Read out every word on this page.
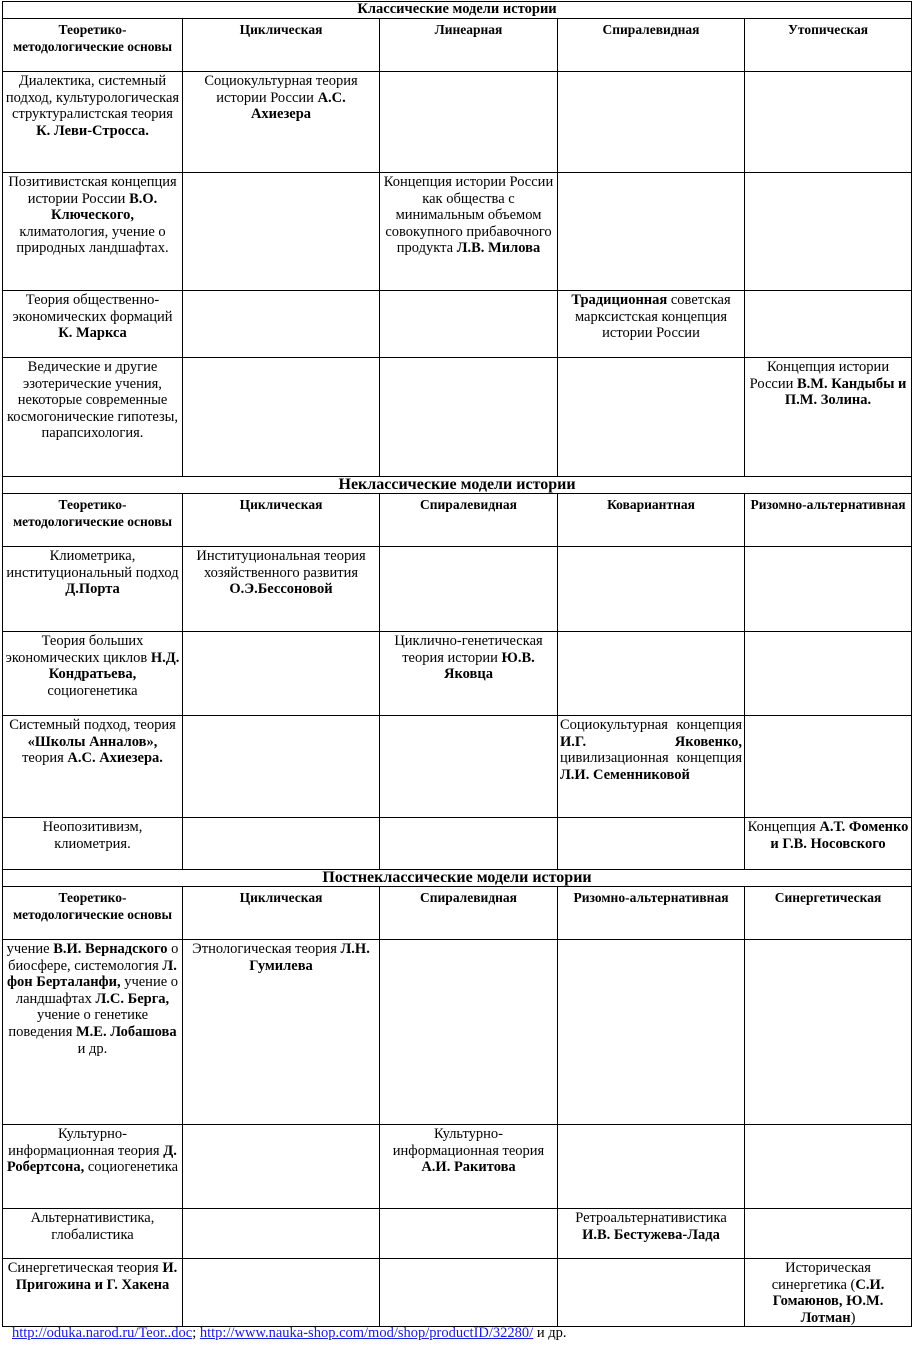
Классические модели истории				
Теоретико-методологические основы	Циклическая	Линеарная	Спиралевидная	Утопическая
Диалектика, системный подход, культурологическая структуралистская теория К. Леви-Стросса.	Социокультурная теория истории России А.С. Ахиезера			
Позитивистская концепция истории России В.О. Ключеского, климатология, учение о природных ландшафтах.		Концепция истории России как общества с минимальным объемом совокупного прибавочного продукта Л.В. Милова		
Теория общественно-экономических формаций К. Маркса			Традиционная советская марксистская концепция истории России	
Ведические и другие эзотерические учения, некоторые современные космогонические гипотезы, парапсихология.				Концепция истории России В.М. Кандыбы и П.М. Золина.
Неклассические модели истории				
Теоретико-методологические основы	Циклическая	Спиралевидная	Ковариантная	Ризомно-альтернативная
Клиометрика, институциональный подход Д.Порта	Институциональная теория хозяйственного развития О.Э.Бессоновой			
Теория больших экономических циклов Н.Д. Кондратьева, социогенетика		Циклично-генетическая теория истории Ю.В. Яковца		
Системный подход, теория «Школы Анналов», теория А.С. Ахиезера.			Социокультурная концепция И.Г. Яковенко, цивилизационная концепция Л.И. Семенниковой	
Неопозитивизм, клиометрия.				Концепция А.Т. Фоменко и Г.В. Носовского
Постнеклассические модели истории				
Теоретико-методологические основы	Циклическая	Спиралевидная	Ризомно-альтернативная	Синергетическая
учение В.И. Вернадского о биосфере, системология Л. фон Берталанфи, учение о ландшафтах Л.С. Берга, учение о генетике поведения М.Е. Лобашова и др.	Этнологическая теория Л.Н. Гумилева			
Культурно-информационная теория Д. Робертсона, социогенетика		Культурно-информационная теория А.И. Ракитова		
Альтернативистика, глобалистика			Ретроальтернативистика И.В. Бестужева-Лада	
Синергетическая теория И. Пригожина и Г. Хакена				Историческая синергетика (С.И. Гомаюнов, Ю.М. Лотман)
http://oduka.narod.ru/Teor..doc; http://www.nauka-shop.com/mod/shop/productID/32280/ и др.
